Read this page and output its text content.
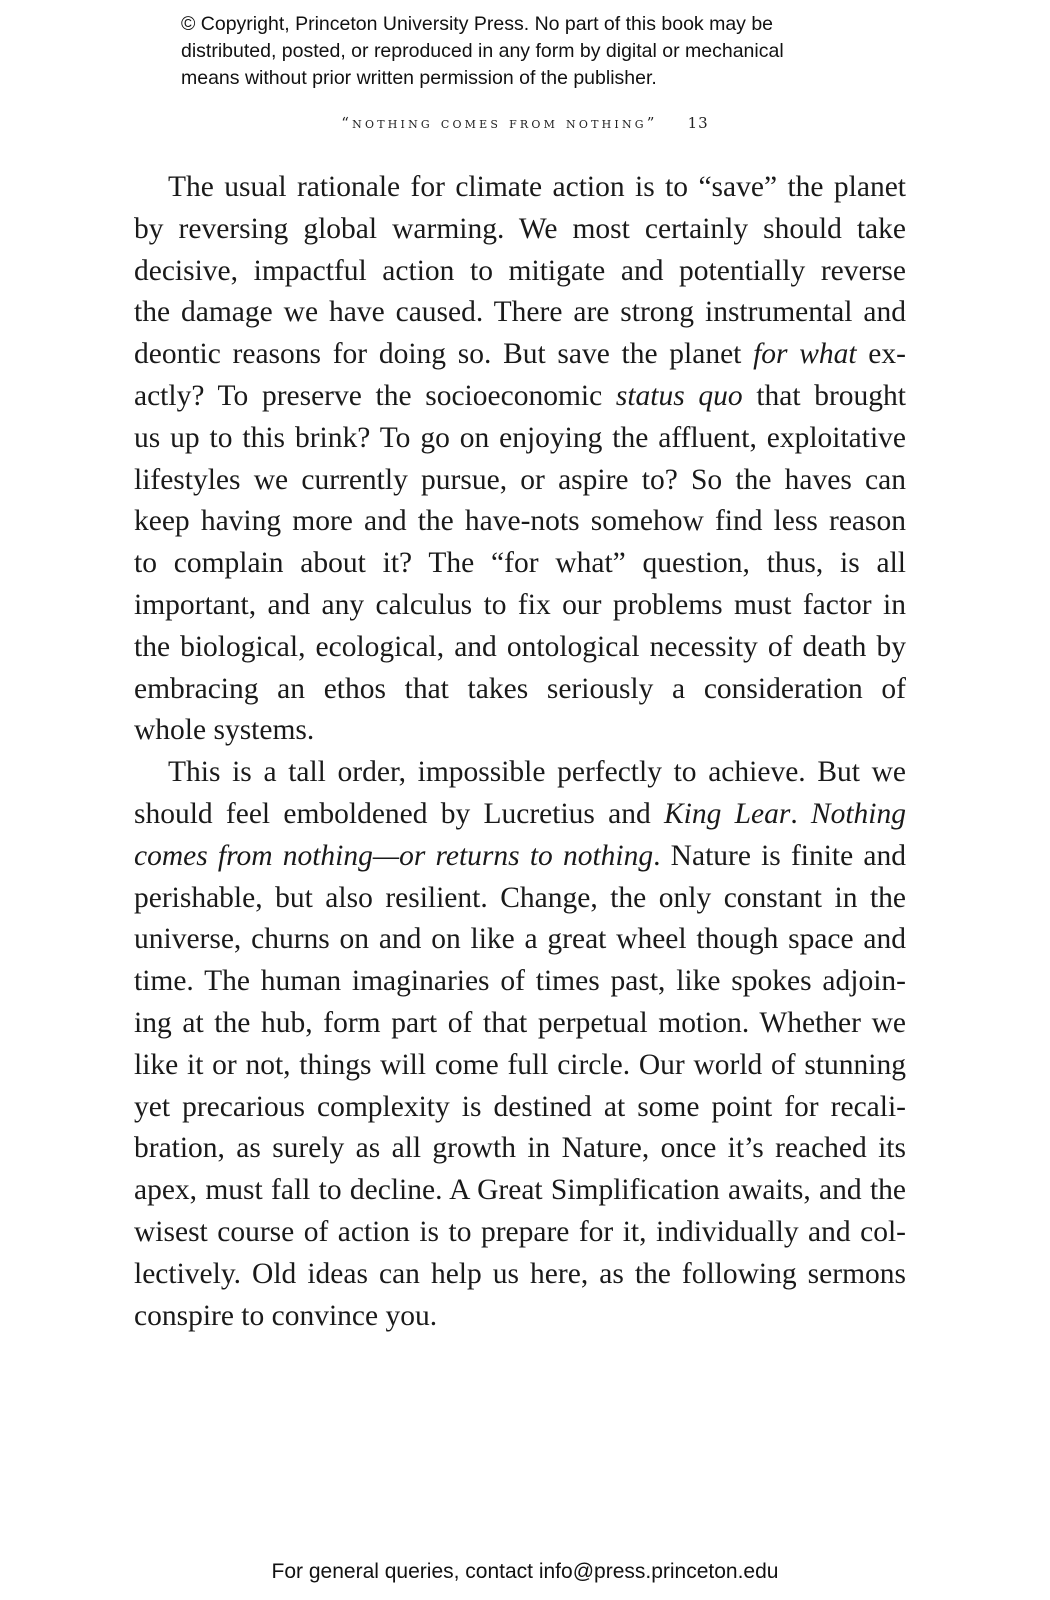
© Copyright, Princeton University Press. No part of this book may be
distributed, posted, or reproduced in any form by digital or mechanical
means without prior written permission of the publisher.
“nothing comes from nothing” 13
The usual rationale for climate action is to “save” the planet
by reversing global warming. We most certainly should take
decisive, impactful action to mitigate and potentially reverse
the damage we have caused. There are strong instrumental and
deontic reasons for doing so. But save the planet for what ex-
actly? To preserve the socioeconomic status quo that brought
us up to this brink? To go on enjoying the affluent, exploitative
lifestyles we currently pursue, or aspire to? So the haves can
keep having more and the have-nots somehow find less reason
to complain about it? The “for what” question, thus, is all
important, and any calculus to fix our problems must factor in
the biological, ecological, and ontological necessity of death by
embracing an ethos that takes seriously a consideration of
whole systems.
This is a tall order, impossible perfectly to achieve. But we
should feel emboldened by Lucretius and King Lear. Nothing
comes from nothing—or returns to nothing. Nature is finite and
perishable, but also resilient. Change, the only constant in the
universe, churns on and on like a great wheel though space and
time. The human imaginaries of times past, like spokes adjoin-
ing at the hub, form part of that perpetual motion. Whether we
like it or not, things will come full circle. Our world of stunning
yet precarious complexity is destined at some point for recali-
bration, as surely as all growth in Nature, once it’s reached its
apex, must fall to decline. A Great Simplification awaits, and the
wisest course of action is to prepare for it, individually and col-
lectively. Old ideas can help us here, as the following sermons
conspire to convince you.
For general queries, contact info@press.princeton.edu
